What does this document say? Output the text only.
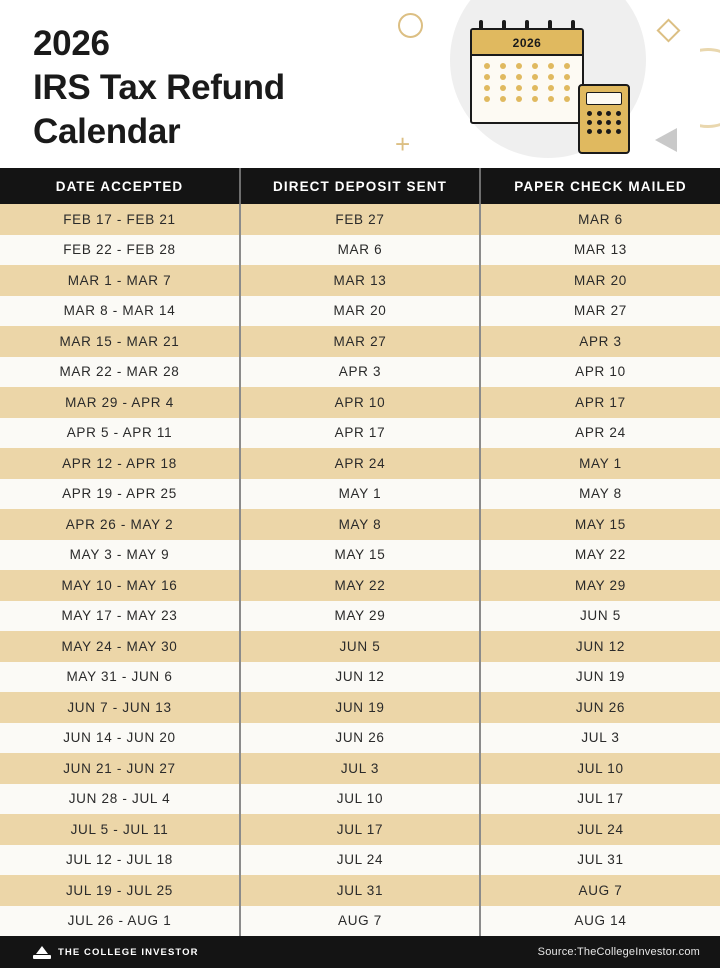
+
2026
2026
IRS Tax Refund
Calendar
DATE ACCEPTED	DIRECT DEPOSIT SENT	PAPER CHECK MAILED
FEB 17 - FEB 21	FEB 27	MAR 6
FEB 22 - FEB 28	MAR 6	MAR 13
MAR 1 - MAR 7	MAR 13	MAR 20
MAR 8 - MAR 14	MAR 20	MAR 27
MAR 15 - MAR 21	MAR 27	APR 3
MAR 22 - MAR 28	APR 3	APR 10
MAR 29 - APR 4	APR 10	APR 17
APR 5 - APR 11	APR 17	APR 24
APR 12 - APR 18	APR 24	MAY 1
APR 19 - APR 25	MAY 1	MAY 8
APR 26 - MAY 2	MAY 8	MAY 15
MAY 3 - MAY 9	MAY 15	MAY 22
MAY 10 - MAY 16	MAY 22	MAY 29
MAY 17 - MAY 23	MAY 29	JUN 5
MAY 24 - MAY 30	JUN 5	JUN 12
MAY 31 - JUN 6	JUN 12	JUN 19
JUN 7 - JUN 13	JUN 19	JUN 26
JUN 14 - JUN 20	JUN 26	JUL 3
JUN 21 - JUN 27	JUL 3	JUL 10
JUN 28 - JUL 4	JUL 10	JUL 17
JUL 5 - JUL 11	JUL 17	JUL 24
JUL 12 - JUL 18	JUL 24	JUL 31
JUL 19 - JUL 25	JUL 31	AUG 7
JUL 26 - AUG 1	AUG 7	AUG 14
THE COLLEGE INVESTOR	Source:TheCollegeInvestor.com
